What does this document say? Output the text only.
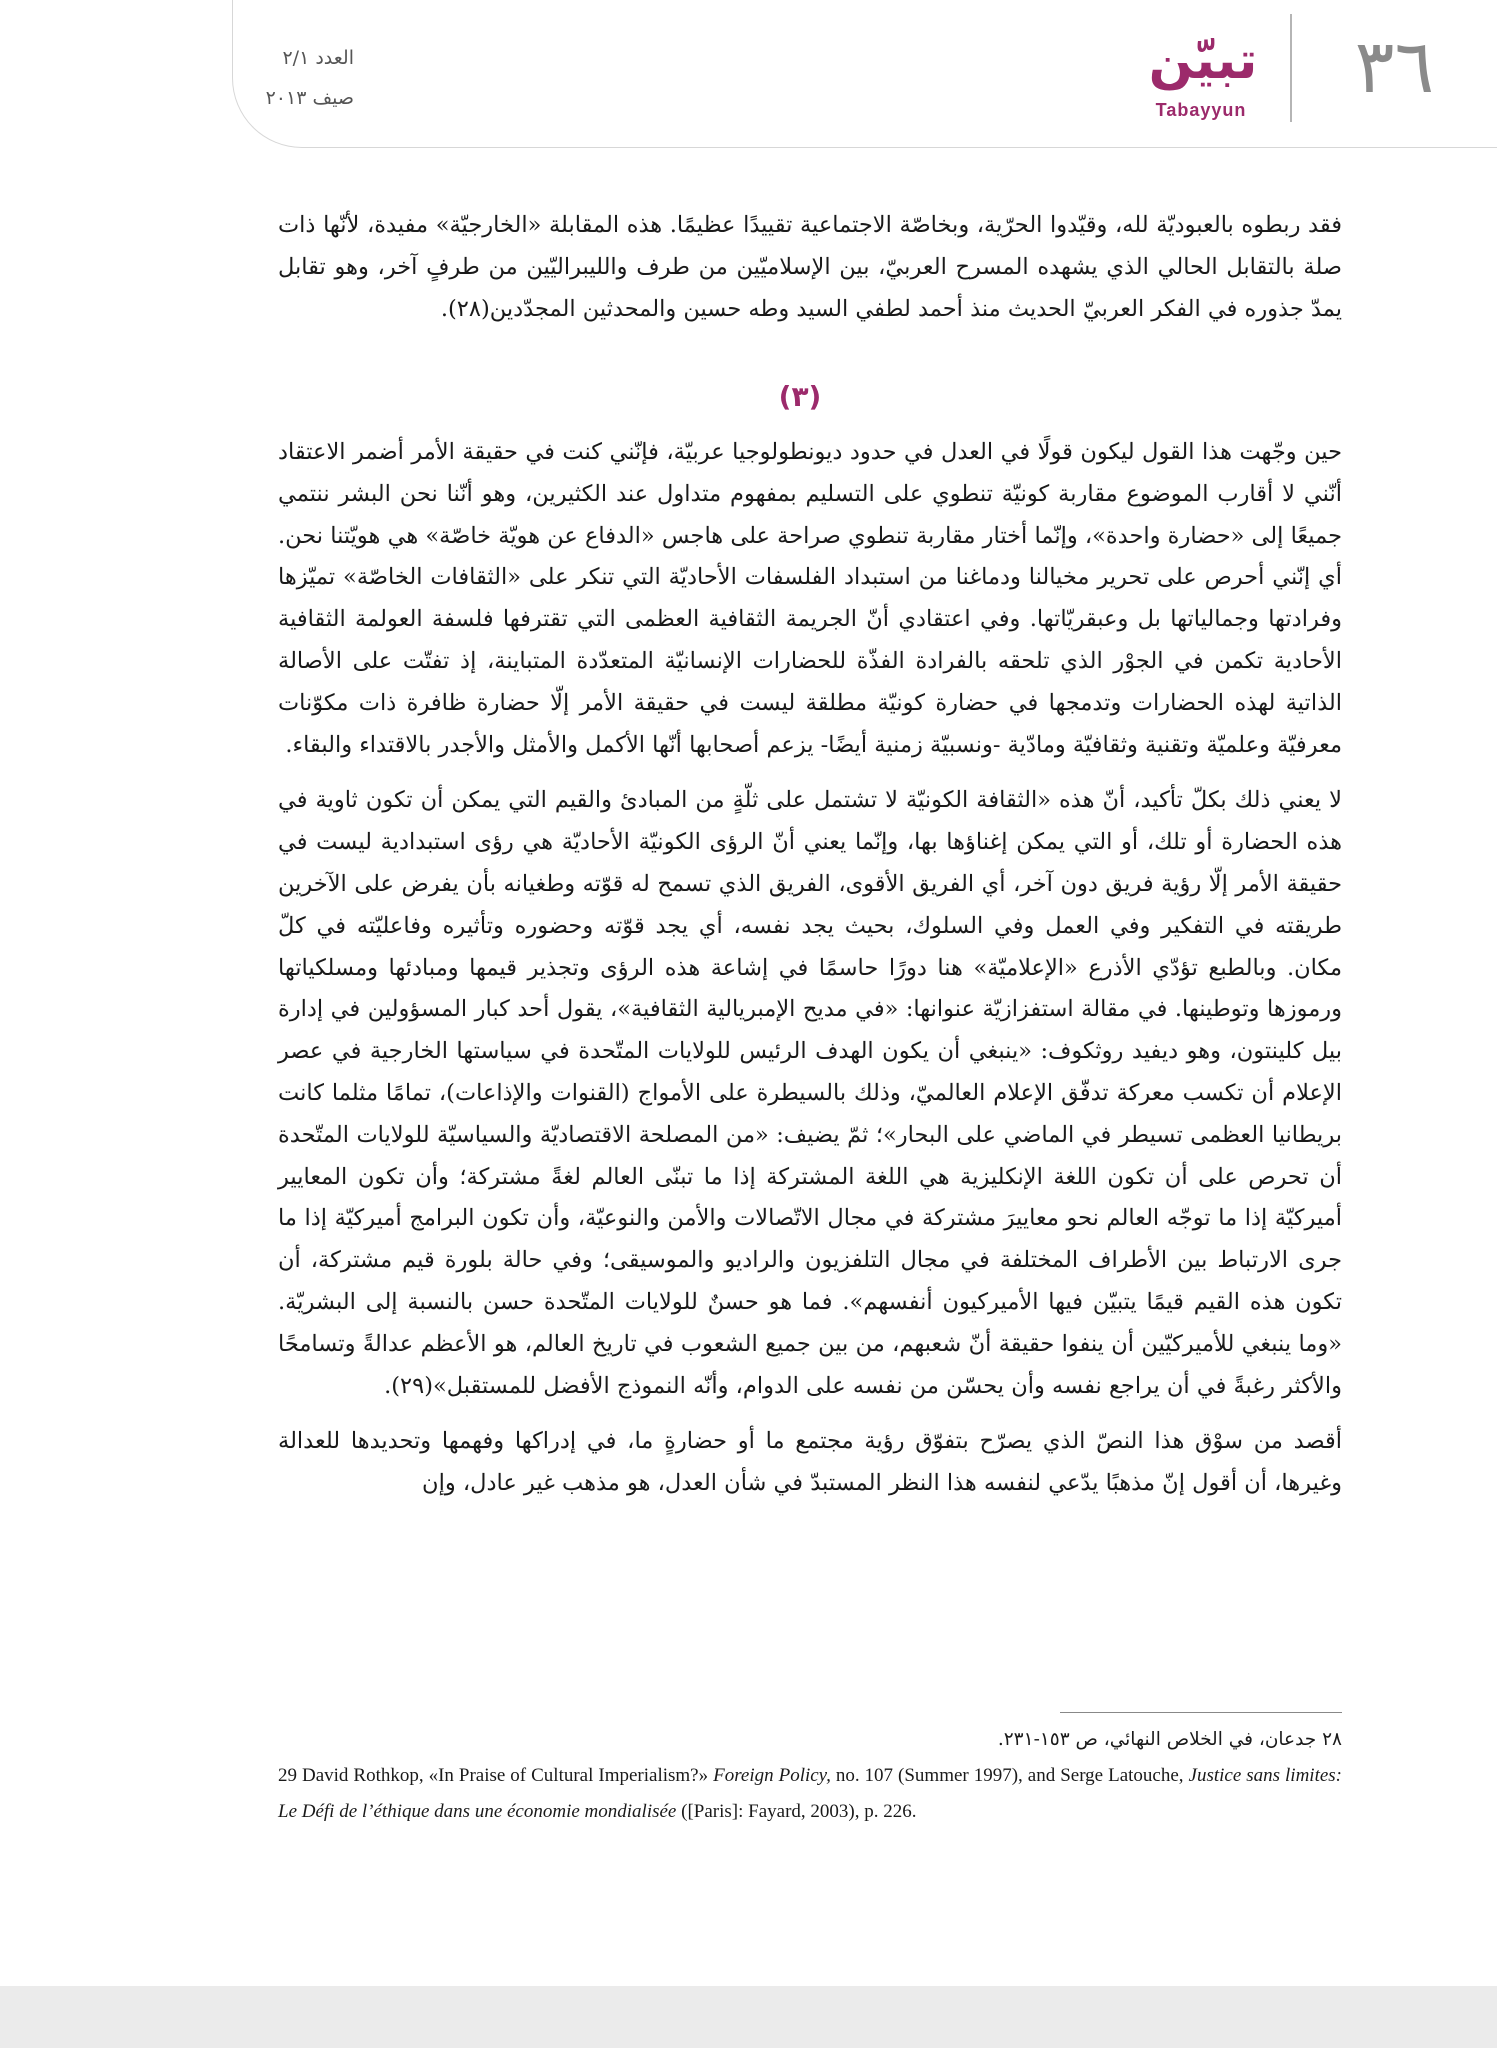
٣٦
تبيّن
Tabayyun
العدد ٢/١
صيف ٢٠١٣

فقد ربطوه بالعبوديّة لله، وقيّدوا الحرّية، وبخاصّة الاجتماعية تقييدًا عظيمًا. هذه المقابلة «الخارجيّة» مفيدة، لأنّها ذات صلة بالتقابل الحالي الذي يشهده المسرح العربيّ، بين الإسلاميّين من طرف والليبراليّين من طرفٍ آخر، وهو تقابل يمدّ جذوره في الفكر العربيّ الحديث منذ أحمد لطفي السيد وطه حسين والمحدثين المجدّدين(٢٨).

(٣)

حين وجّهت هذا القول ليكون قولًا في العدل في حدود ديونطولوجيا عربيّة، فإنّني كنت في حقيقة الأمر أضمر الاعتقاد أنّني لا أقارب الموضوع مقاربة كونيّة تنطوي على التسليم بمفهوم متداول عند الكثيرين، وهو أنّنا نحن البشر ننتمي جميعًا إلى «حضارة واحدة»، وإنّما أختار مقاربة تنطوي صراحة على هاجس «الدفاع عن هويّة خاصّة» هي هويّتنا نحن. أي إنّني أحرص على تحرير مخيالنا ودماغنا من استبداد الفلسفات الأحاديّة التي تنكر على «الثقافات الخاصّة» تميّزها وفرادتها وجمالياتها بل وعبقريّاتها. وفي اعتقادي أنّ الجريمة الثقافية العظمى التي تقترفها فلسفة العولمة الثقافية الأحادية تكمن في الجوْر الذي تلحقه بالفرادة الفذّة للحضارات الإنسانيّة المتعدّدة المتباينة، إذ تفتّت على الأصالة الذاتية لهذه الحضارات وتدمجها في حضارة كونيّة مطلقة ليست في حقيقة الأمر إلّا حضارة ظافرة ذات مكوّنات معرفيّة وعلميّة وتقنية وثقافيّة ومادّية -ونسبيّة زمنية أيضًا- يزعم أصحابها أنّها الأكمل والأمثل والأجدر بالاقتداء والبقاء.

لا يعني ذلك بكلّ تأكيد، أنّ هذه «الثقافة الكونيّة لا تشتمل على ثلّةٍ من المبادئ والقيم التي يمكن أن تكون ثاوية في هذه الحضارة أو تلك، أو التي يمكن إغناؤها بها، وإنّما يعني أنّ الرؤى الكونيّة الأحاديّة هي رؤى استبدادية ليست في حقيقة الأمر إلّا رؤية فريق دون آخر، أي الفريق الأقوى، الفريق الذي تسمح له قوّته وطغيانه بأن يفرض على الآخرين طريقته في التفكير وفي العمل وفي السلوك، بحيث يجد نفسه، أي يجد قوّته وحضوره وتأثيره وفاعليّته في كلّ مكان. وبالطبع تؤدّي الأذرع «الإعلاميّة» هنا دورًا حاسمًا في إشاعة هذه الرؤى وتجذير قيمها ومبادئها ومسلكياتها ورموزها وتوطينها. في مقالة استفزازيّة عنوانها: «في مديح الإمبريالية الثقافية»، يقول أحد كبار المسؤولين في إدارة بيل كلينتون، وهو ديفيد روثكوف: «ينبغي أن يكون الهدف الرئيس للولايات المتّحدة في سياستها الخارجية في عصر الإعلام أن تكسب معركة تدفّق الإعلام العالميّ، وذلك بالسيطرة على الأمواج (القنوات والإذاعات)، تمامًا مثلما كانت بريطانيا العظمى تسيطر في الماضي على البحار»؛ ثمّ يضيف: «من المصلحة الاقتصاديّة والسياسيّة للولايات المتّحدة أن تحرص على أن تكون اللغة الإنكليزية هي اللغة المشتركة إذا ما تبنّى العالم لغةً مشتركة؛ وأن تكون المعايير أميركيّة إذا ما توجّه العالم نحو معاييرَ مشتركة في مجال الاتّصالات والأمن والنوعيّة، وأن تكون البرامج أميركيّة إذا ما جرى الارتباط بين الأطراف المختلفة في مجال التلفزيون والراديو والموسيقى؛ وفي حالة بلورة قيم مشتركة، أن تكون هذه القيم قيمًا يتبيّن فيها الأميركيون أنفسهم». فما هو حسنٌ للولايات المتّحدة حسن بالنسبة إلى البشريّة. «وما ينبغي للأميركيّين أن ينفوا حقيقة أنّ شعبهم، من بين جميع الشعوب في تاريخ العالم، هو الأعظم عدالةً وتسامحًا والأكثر رغبةً في أن يراجع نفسه وأن يحسّن من نفسه على الدوام، وأنّه النموذج الأفضل للمستقبل»(٢٩).

أقصد من سوْق هذا النصّ الذي يصرّح بتفوّق رؤية مجتمع ما أو حضارةٍ ما، في إدراكها وفهمها وتحديدها للعدالة وغيرها، أن أقول إنّ مذهبًا يدّعي لنفسه هذا النظر المستبدّ في شأن العدل، هو مذهب غير عادل، وإن

٢٨ جدعان، في الخلاص النهائي، ص ١٥٣-٢٣١.
29 David Rothkop, «In Praise of Cultural Imperialism?» Foreign Policy, no. 107 (Summer 1997), and Serge Latouche, Justice sans limites: Le Défi de l’éthique dans une économie mondialisée ([Paris]: Fayard, 2003), p. 226.
